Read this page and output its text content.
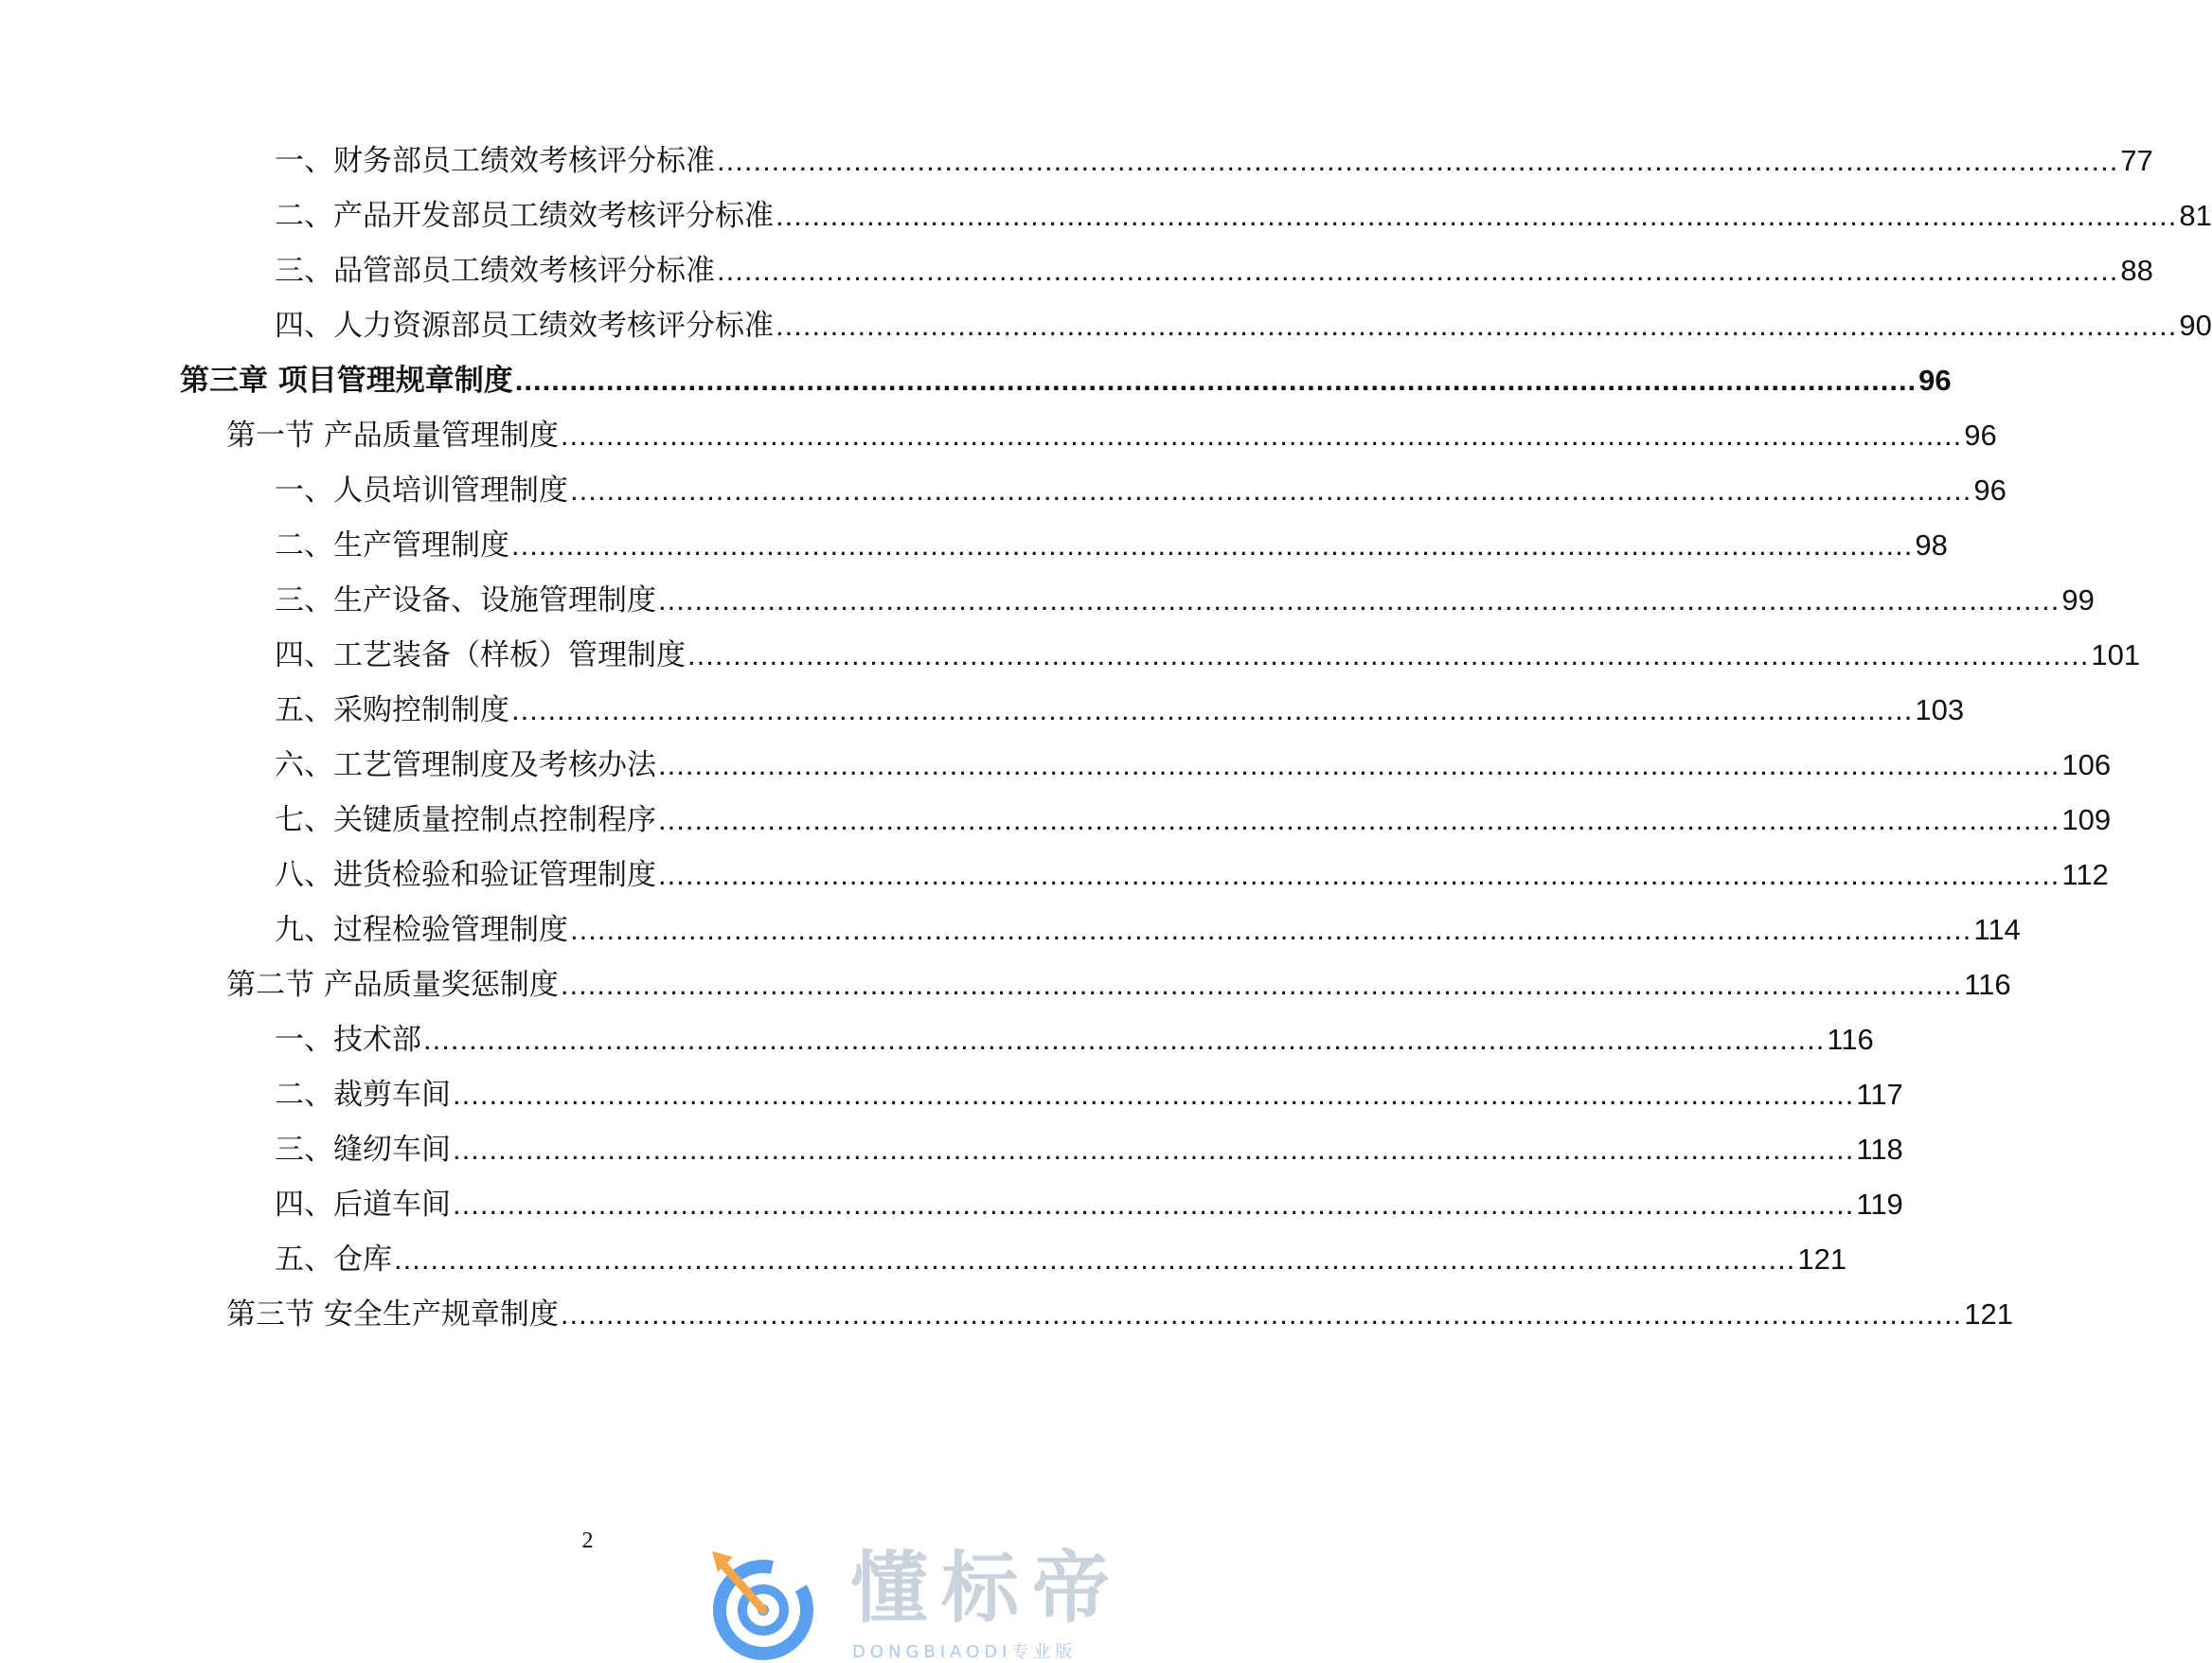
一、财务部员工绩效考核评分标准 .......................................................................................................................................................... 77
二、产品开发部员工绩效考核评分标准 .......................................................................................................................................................... 81
三、品管部员工绩效考核评分标准 .......................................................................................................................................................... 88
四、人力资源部员工绩效考核评分标准 .......................................................................................................................................................... 90
第三章 项目管理规章制度 .......................................................................................................................................................... 96
第一节 产品质量管理制度 .......................................................................................................................................................... 96
一、人员培训管理制度 .......................................................................................................................................................... 96
二、生产管理制度 .......................................................................................................................................................... 98
三、生产设备、设施管理制度 .......................................................................................................................................................... 99
四、工艺装备（样板）管理制度 .......................................................................................................................................................... 101
五、采购控制制度 .......................................................................................................................................................... 103
六、工艺管理制度及考核办法 .......................................................................................................................................................... 106
七、关键质量控制点控制程序 .......................................................................................................................................................... 109
八、进货检验和验证管理制度 .......................................................................................................................................................... 112
九、过程检验管理制度 .......................................................................................................................................................... 114
第二节 产品质量奖惩制度 .......................................................................................................................................................... 116
一、技术部 .......................................................................................................................................................... 116
二、裁剪车间 .......................................................................................................................................................... 117
三、缝纫车间 .......................................................................................................................................................... 118
四、后道车间 .......................................................................................................................................................... 119
五、仓库 .......................................................................................................................................................... 121
第三节 安全生产规章制度 .......................................................................................................................................................... 121
2
懂标帝
DONGBIAODI专业版
